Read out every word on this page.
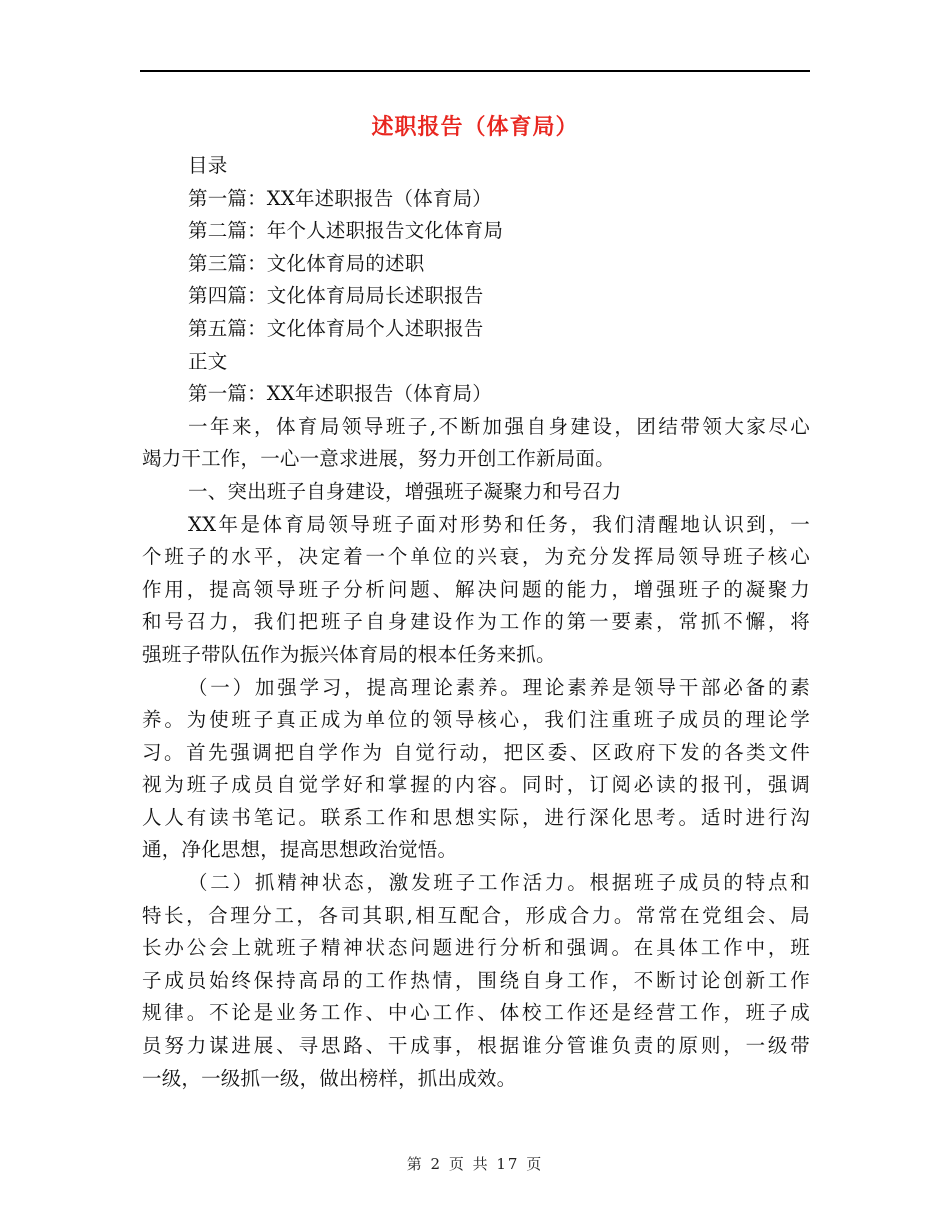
述职报告（体育局）
目录
第一篇：XX年述职报告（体育局）
第二篇：年个人述职报告文化体育局
第三篇：文化体育局的述职
第四篇：文化体育局局长述职报告
第五篇：文化体育局个人述职报告
正文
第一篇：XX年述职报告（体育局）
一年来，体育局领导班子,不断加强自身建设，团结带领大家尽心
竭力干工作，一心一意求进展，努力开创工作新局面。
一、突出班子自身建设，增强班子凝聚力和号召力
XX年是体育局领导班子面对形势和任务，我们清醒地认识到，一
个班子的水平，决定着一个单位的兴衰，为充分发挥局领导班子核心
作用，提高领导班子分析问题、解决问题的能力，增强班子的凝聚力
和号召力，我们把班子自身建设作为工作的第一要素，常抓不懈，将
强班子带队伍作为振兴体育局的根本任务来抓。
（一）加强学习，提高理论素养。理论素养是领导干部必备的素
养。为使班子真正成为单位的领导核心，我们注重班子成员的理论学
习。首先强调把自学作为 自觉行动，把区委、区政府下发的各类文件
视为班子成员自觉学好和掌握的内容。同时，订阅必读的报刊，强调
人人有读书笔记。联系工作和思想实际，进行深化思考。适时进行沟
通，净化思想，提高思想政治觉悟。
（二）抓精神状态，激发班子工作活力。根据班子成员的特点和
特长，合理分工，各司其职,相互配合，形成合力。常常在党组会、局
长办公会上就班子精神状态问题进行分析和强调。在具体工作中，班
子成员始终保持高昂的工作热情，围绕自身工作，不断讨论创新工作
规律。不论是业务工作、中心工作、体校工作还是经营工作，班子成
员努力谋进展、寻思路、干成事，根据谁分管谁负责的原则，一级带
一级，一级抓一级，做出榜样，抓出成效。
第 2 页 共 17 页
